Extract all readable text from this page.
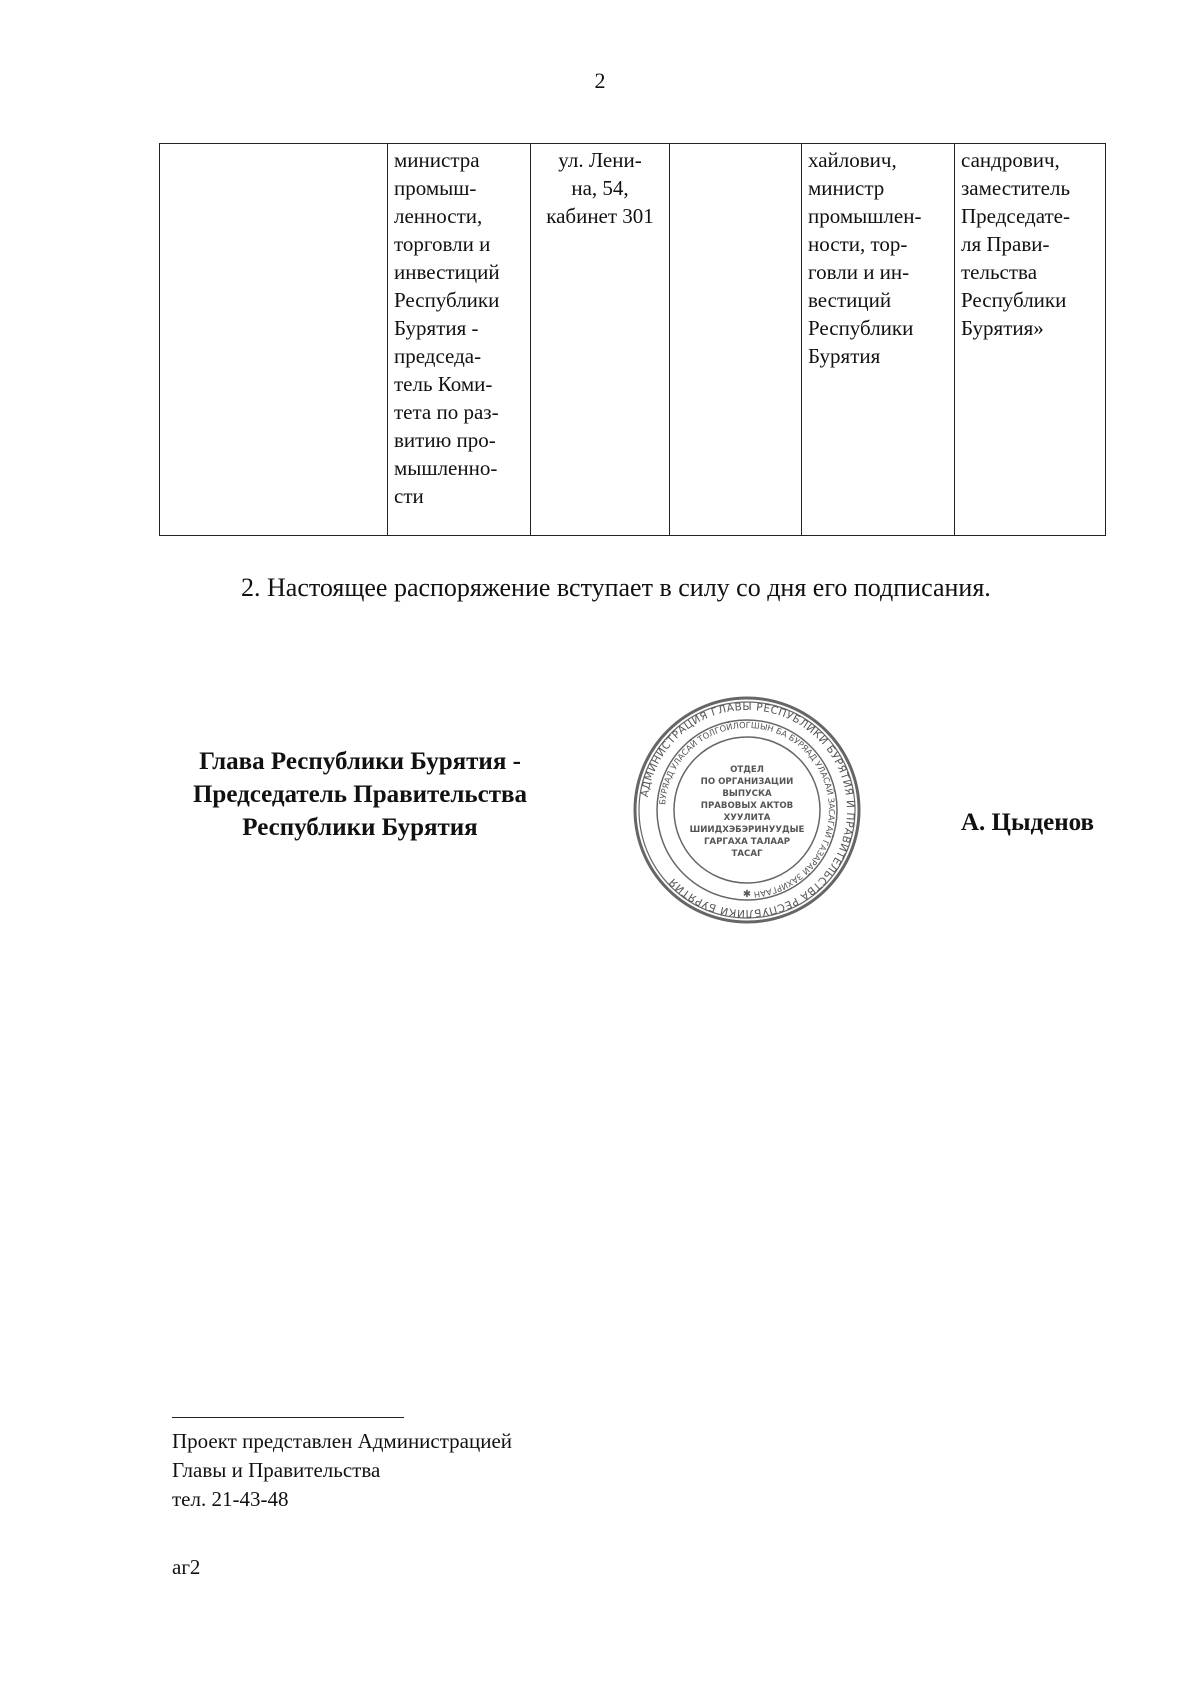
2
	министра
промыш-
ленности,
торговли и
инвестиций
Республики
Бурятия -
председа-
тель Коми-
тета по раз-
витию про-
мышленно-
сти	ул. Лени-
на, 54,
кабинет 301		хайлович,
министр
промышлен-
ности, тор-
говли и ин-
вестиций
Республики
Бурятия	сандрович,
заместитель
Председате-
ля Прави-
тельства
Республики
Бурятия»
2. Настоящее распоряжение вступает в силу со дня его подписания.
Глава Республики Бурятия -
Председатель Правительства
Республики Бурятия
АДМИНИСТРАЦИЯ ГЛАВЫ РЕСПУБЛИКИ БУРЯТИЯ И ПРАВИТЕЛЬСТВА РЕСПУБЛИКИ БУРЯТИЯ
БУРЯАД УЛАСАЙ ТОЛГОЙЛОГШЫН БА БУРЯАД УЛАСАЙ ЗАСАГАЙ ГАЗАРАЙ ЗАХИРГААН
ОТДЕЛ
ПО ОРГАНИЗАЦИИ
ВЫПУСКА
ПРАВОВЫХ АКТОВ
ХУУЛИТА
ШИИДХЭБЭРИНУУДЫЕ
ГАРГАХА ТАЛААР
ТАСАГ
✱
А. Цыденов
Проект представлен Администрацией
Главы и Правительства
тел. 21-43-48
аг2
